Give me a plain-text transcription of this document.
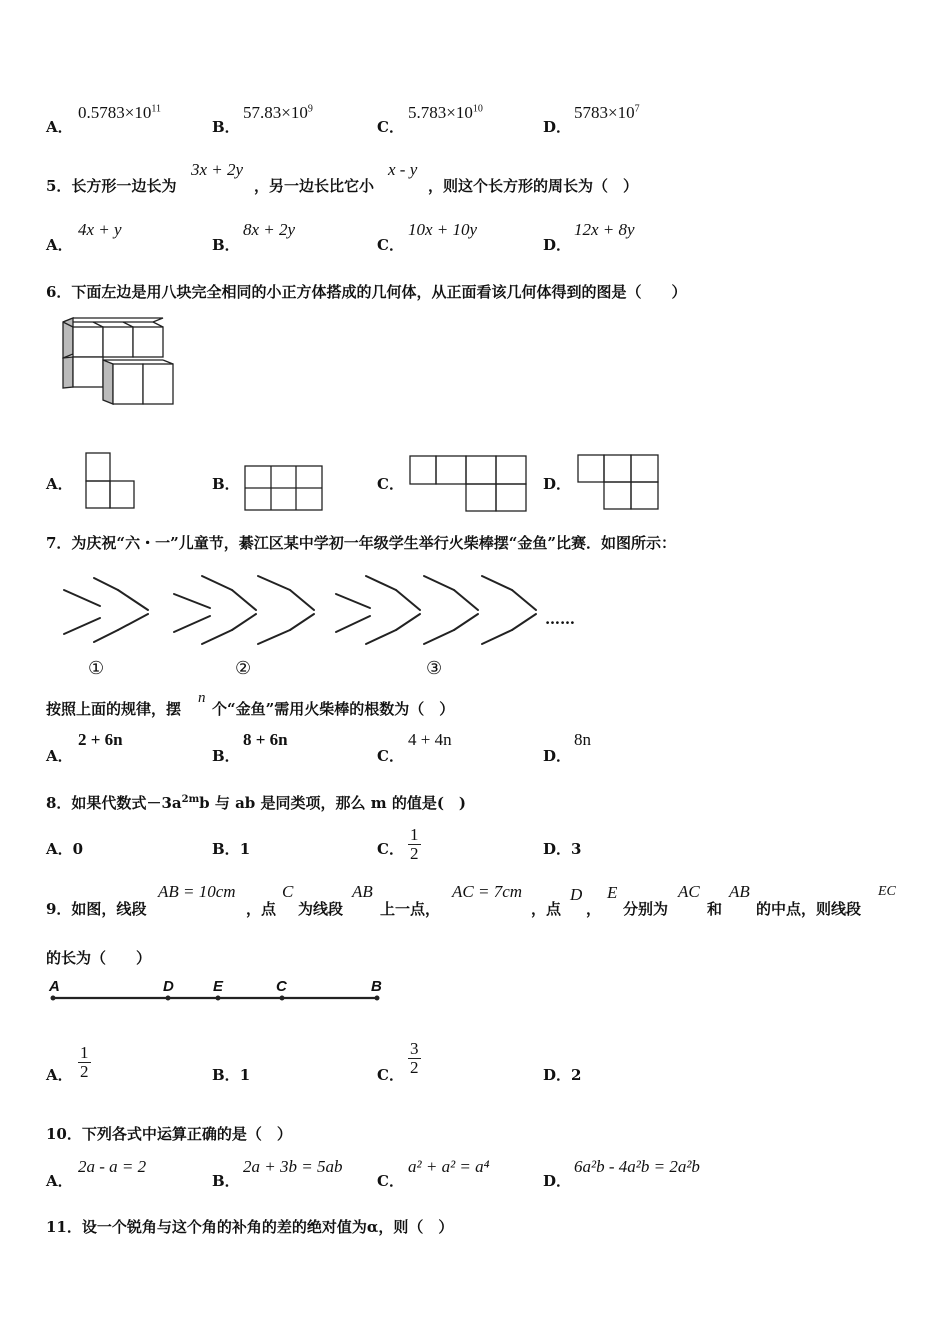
A．
$0.5783\times 10^{11}$
B．
$57.83\times 10^9$
C．
$5.783\times 10^{10}$
D．
$5783\times 10^7$
5．长方形一边长为
3x + 2y
，另一边长比它小
x - y
，则这个长方形的周长为（　）
A．
4x + y
B．
8x + 2y
C．
10x + 10y
D．
12x + 8y
6．下面左边是用八块完全相同的小正方体搭成的几何体，从正面看该几何体得到的图是（　　）
A．	B．	C．	D．
7．为庆祝“六・一”儿童节，綦江区某中学初一年级学生举行火柴棒摆“金鱼”比赛．如图所示：
……
①	②	③
按照上面的规律，摆
n
个“金鱼”需用火柴棒的根数为（　）
A．
2 + 6n
B．
8 + 6n
C．
4 + 4n
D．
8n
8．如果代数式$-3a^{2m}b$ 与 ab 是同类项，那么 m 的值是(　)
A．0	B．1	C． $\frac{1}{2}$	D．3
9．如图，线段
AB = 10cm
，点
C
为线段
AB
上一点，
AC = 7cm
，点
D
，
E
分别为
AC
和
AB
的中点，则线段
EC
的长为（　　）
A	D	E	C	B
A． $\frac{1}{2}$	B．1	C． $\frac{3}{2}$	D．2
10．下列各式中运算正确的是（　）
A．
2a - a = 2
B．
2a + 3b = 5ab
C．
a² + a² = a⁴
D．
6a²b - 4a²b = 2a²b
11．设一个锐角与这个角的补角的差的绝对值为α，则（　）
